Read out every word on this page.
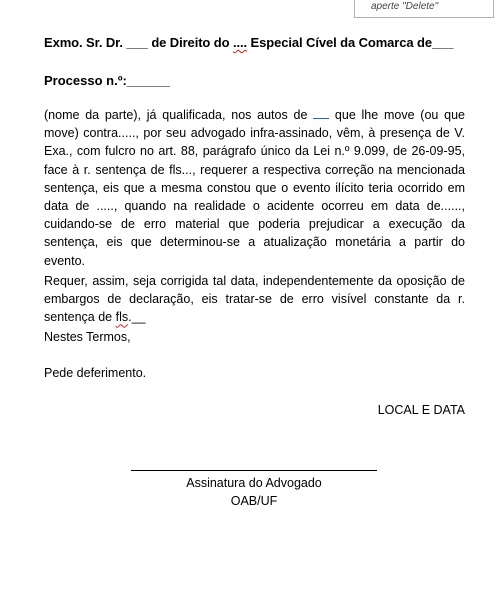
aperte "Delete"
Exmo. Sr. Dr. ___ de Direito do .... Especial Cível da Comarca de___
Processo n.º:______

(nome da parte), já qualificada, nos autos de  que lhe move (ou que move) contra....., por seu advogado infra-assinado, vêm, à presença de V. Exa., com fulcro no art. 88, parágrafo único da Lei n.º 9.099, de 26-09-95, face à r. sentença de fls..., requerer a respectiva correção na mencionada sentença, eis que a mesma constou que o evento ilícito teria ocorrido em data de ....., quando na realidade o acidente ocorreu em data de......, cuidando-se de erro material que poderia prejudicar a execução da sentença, eis que determinou-se a atualização monetária a partir do evento.

Requer, assim, seja corrigida tal data, independentemente da oposição de embargos de declaração, eis tratar-se de erro visível constante da r. sentença de fls.__

Nestes Termos,
Pede deferimento.
LOCAL E DATA
Assinatura do Advogado
OAB/UF
